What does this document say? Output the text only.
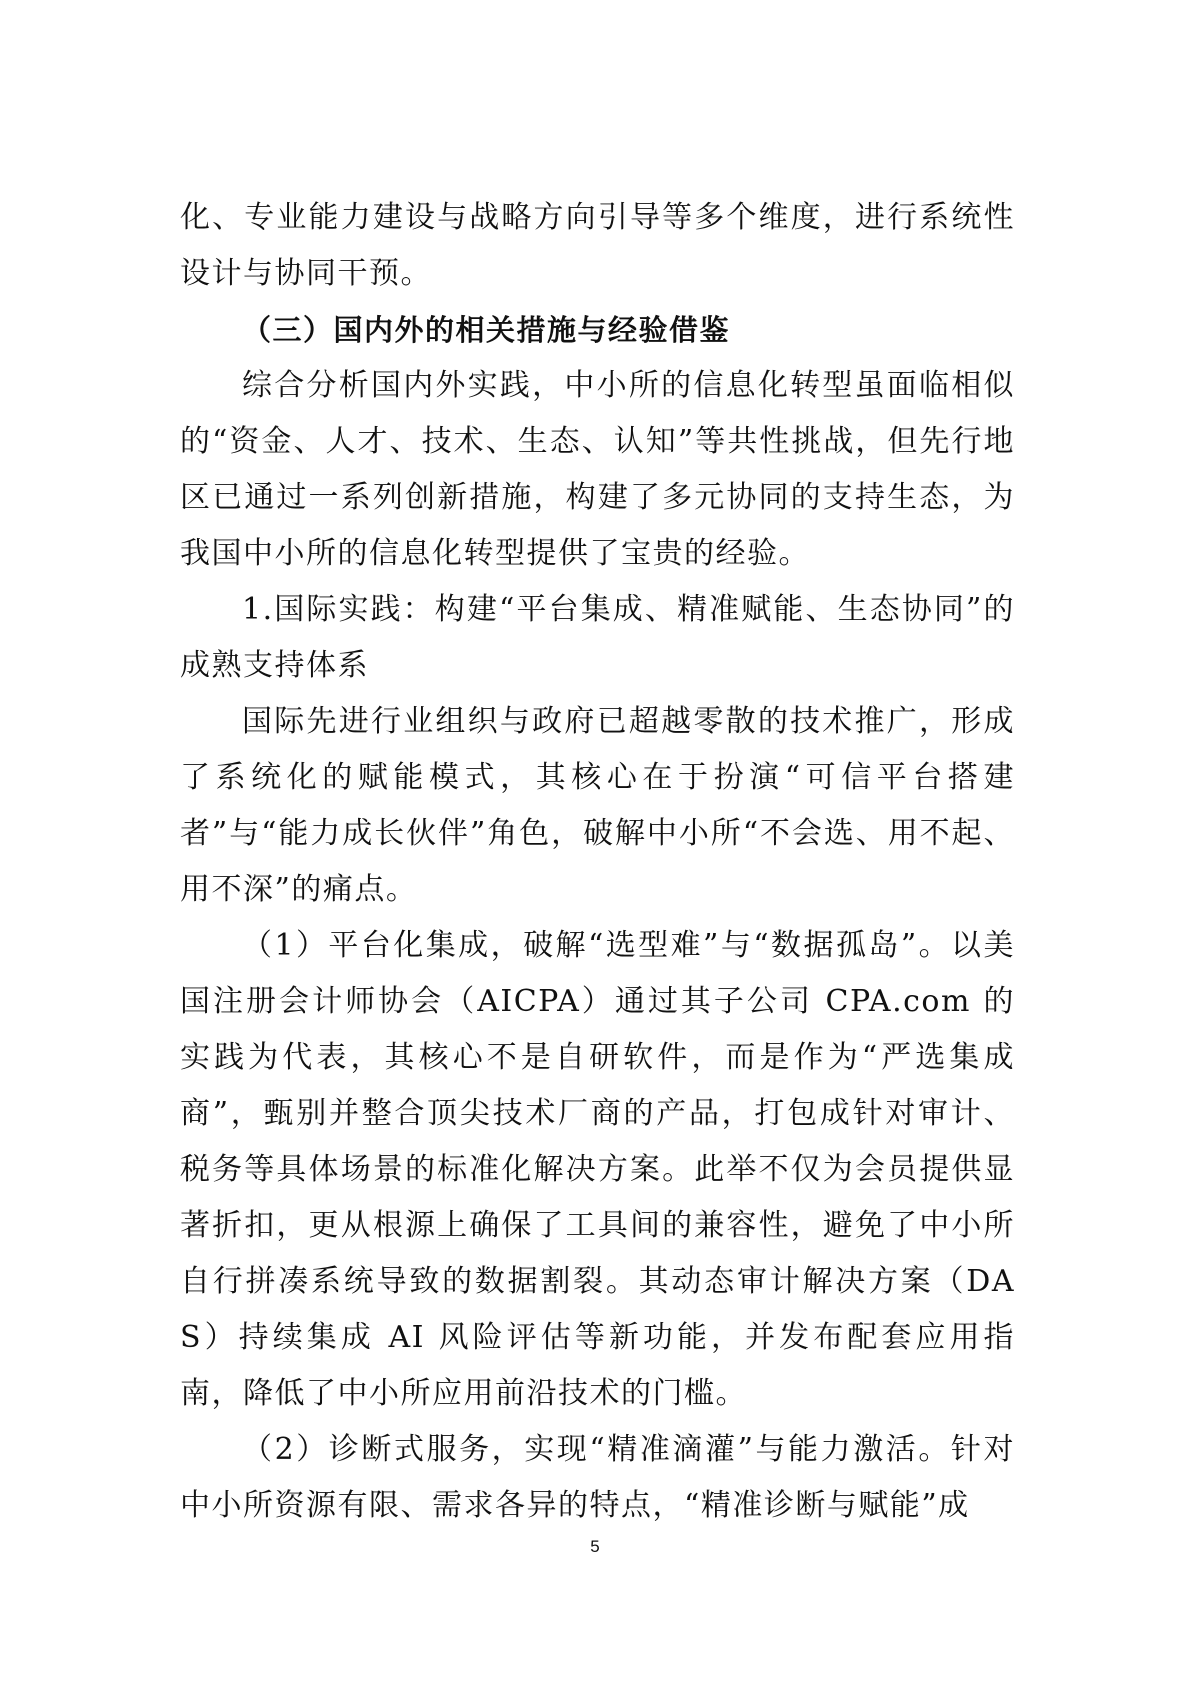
化、专业能力建设与战略方向引导等多个维度，进行系统性设计与协同干预。

（三）国内外的相关措施与经验借鉴

综合分析国内外实践，中小所的信息化转型虽面临相似的“资金、人才、技术、生态、认知”等共性挑战，但先行地区已通过一系列创新措施，构建了多元协同的支持生态，为我国中小所的信息化转型提供了宝贵的经验。

1.国际实践：构建“平台集成、精准赋能、生态协同”的成熟支持体系

国际先进行业组织与政府已超越零散的技术推广，形成了系统化的赋能模式，其核心在于扮演“可信平台搭建者”与“能力成长伙伴”角色，破解中小所“不会选、用不起、用不深”的痛点。

（1）平台化集成，破解“选型难”与“数据孤岛”。以美国注册会计师协会（AICPA）通过其子公司 CPA.com 的实践为代表，其核心不是自研软件，而是作为“严选集成商”，甄别并整合顶尖技术厂商的产品，打包成针对审计、税务等具体场景的标准化解决方案。此举不仅为会员提供显著折扣，更从根源上确保了工具间的兼容性，避免了中小所自行拼凑系统导致的数据割裂。其动态审计解决方案（DAS）持续集成 AI 风险评估等新功能，并发布配套应用指南，降低了中小所应用前沿技术的门槛。

（2）诊断式服务，实现“精准滴灌”与能力激活。针对中小所资源有限、需求各异的特点，“精准诊断与赋能”成

5
